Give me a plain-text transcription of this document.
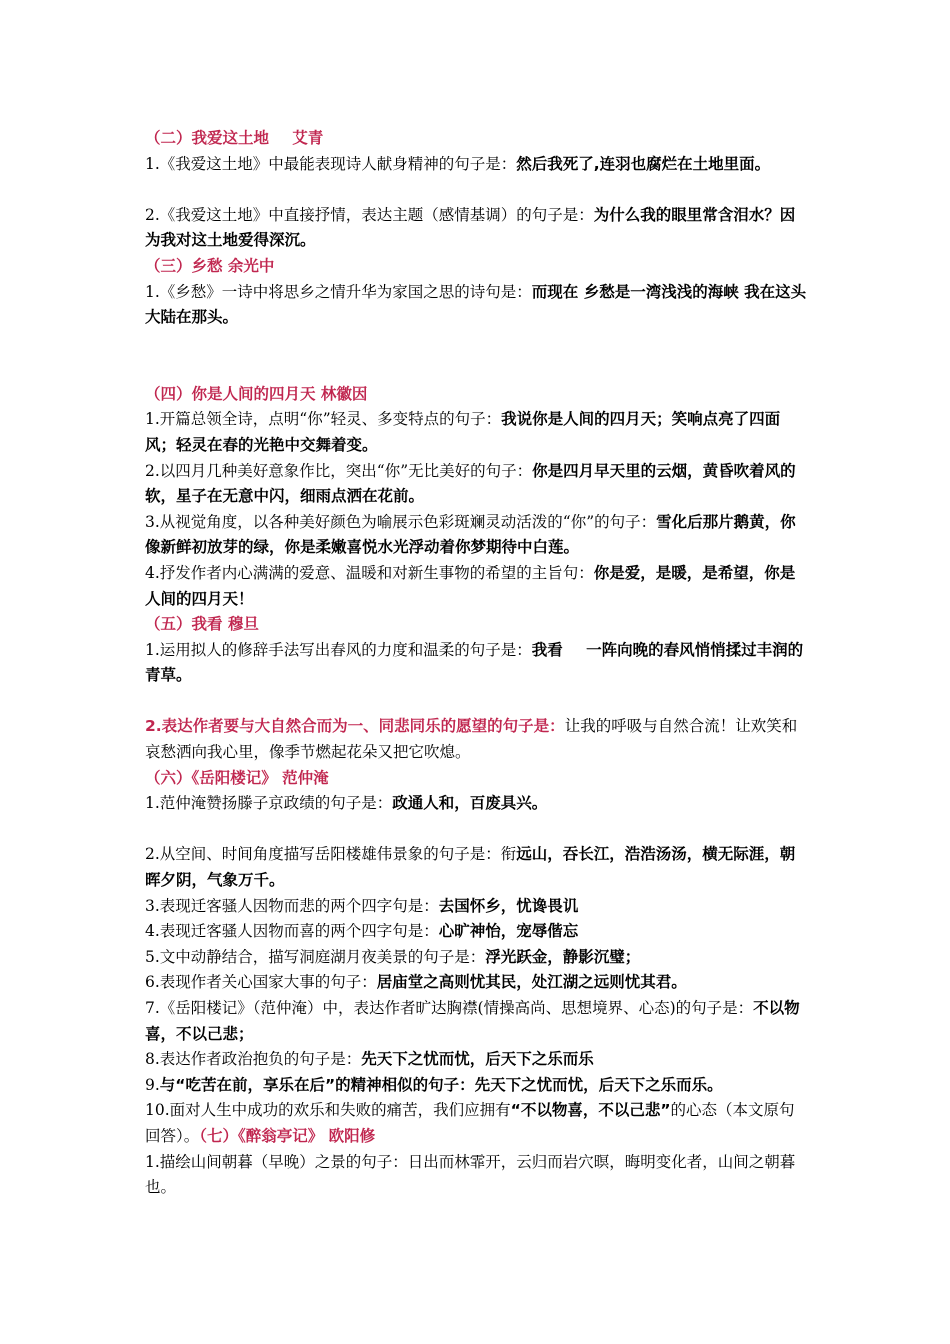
（二）我爱这土地 艾青

1.《我爱这土地》中最能表现诗人献身精神的句子是：然后我死了,连羽也腐烂在土地里面。

2.《我爱这土地》中直接抒情，表达主题（感情基调）的句子是：为什么我的眼里常含泪水？因为我对这土地爱得深沉。

（三）乡愁 余光中

1.《乡愁》一诗中将思乡之情升华为家国之思的诗句是：而现在 乡愁是一湾浅浅的海峡 我在这头 大陆在那头。

（四）你是人间的四月天 林徽因

1.开篇总领全诗，点明“你”轻灵、多变特点的句子：我说你是人间的四月天；笑响点亮了四面风；轻灵在春的光艳中交舞着变。

2.以四月几种美好意象作比，突出“你”无比美好的句子：你是四月早天里的云烟，黄昏吹着风的软，星子在无意中闪，细雨点洒在花前。

3.从视觉角度，以各种美好颜色为喻展示色彩斑斓灵动活泼的“你”的句子：雪化后那片鹅黄，你像新鲜初放芽的绿，你是柔嫩喜悦水光浮动着你梦期待中白莲。

4.抒发作者内心满满的爱意、温暖和对新生事物的希望的主旨句：你是爱，是暖，是希望，你是人间的四月天！

（五）我看 穆旦

1.运用拟人的修辞手法写出春风的力度和温柔的句子是：我看 一阵向晚的春风悄悄揉过丰润的青草。

2.表达作者要与大自然合而为一、同悲同乐的愿望的句子是：让我的呼吸与自然合流！让欢笑和哀愁洒向我心里，像季节燃起花朵又把它吹熄。

（六）《岳阳楼记》 范仲淹

1.范仲淹赞扬滕子京政绩的句子是：政通人和，百废具兴。

2.从空间、时间角度描写岳阳楼雄伟景象的句子是：衔远山，吞长江，浩浩汤汤，横无际涯，朝晖夕阴，气象万千。

3.表现迁客骚人因物而悲的两个四字句是：去国怀乡，忧谗畏讥

4.表现迁客骚人因物而喜的两个四字句是：心旷神怡，宠辱偕忘

5.文中动静结合，描写洞庭湖月夜美景的句子是：浮光跃金，静影沉璧；

6.表现作者关心国家大事的句子：居庙堂之高则忧其民，处江湖之远则忧其君。

7.《岳阳楼记》（范仲淹）中，表达作者旷达胸襟(情操高尚、思想境界、心态)的句子是：不以物喜，不以己悲；

8.表达作者政治抱负的句子是：先天下之忧而忧，后天下之乐而乐

9.与“吃苦在前，享乐在后”的精神相似的句子：先天下之忧而忧，后天下之乐而乐。

10.面对人生中成功的欢乐和失败的痛苦，我们应拥有“不以物喜，不以己悲”的心态（本文原句回答）。（七）《醉翁亭记》 欧阳修

1.描绘山间朝暮（早晚）之景的句子：日出而林霏开，云归而岩穴暝，晦明变化者，山间之朝暮也。
